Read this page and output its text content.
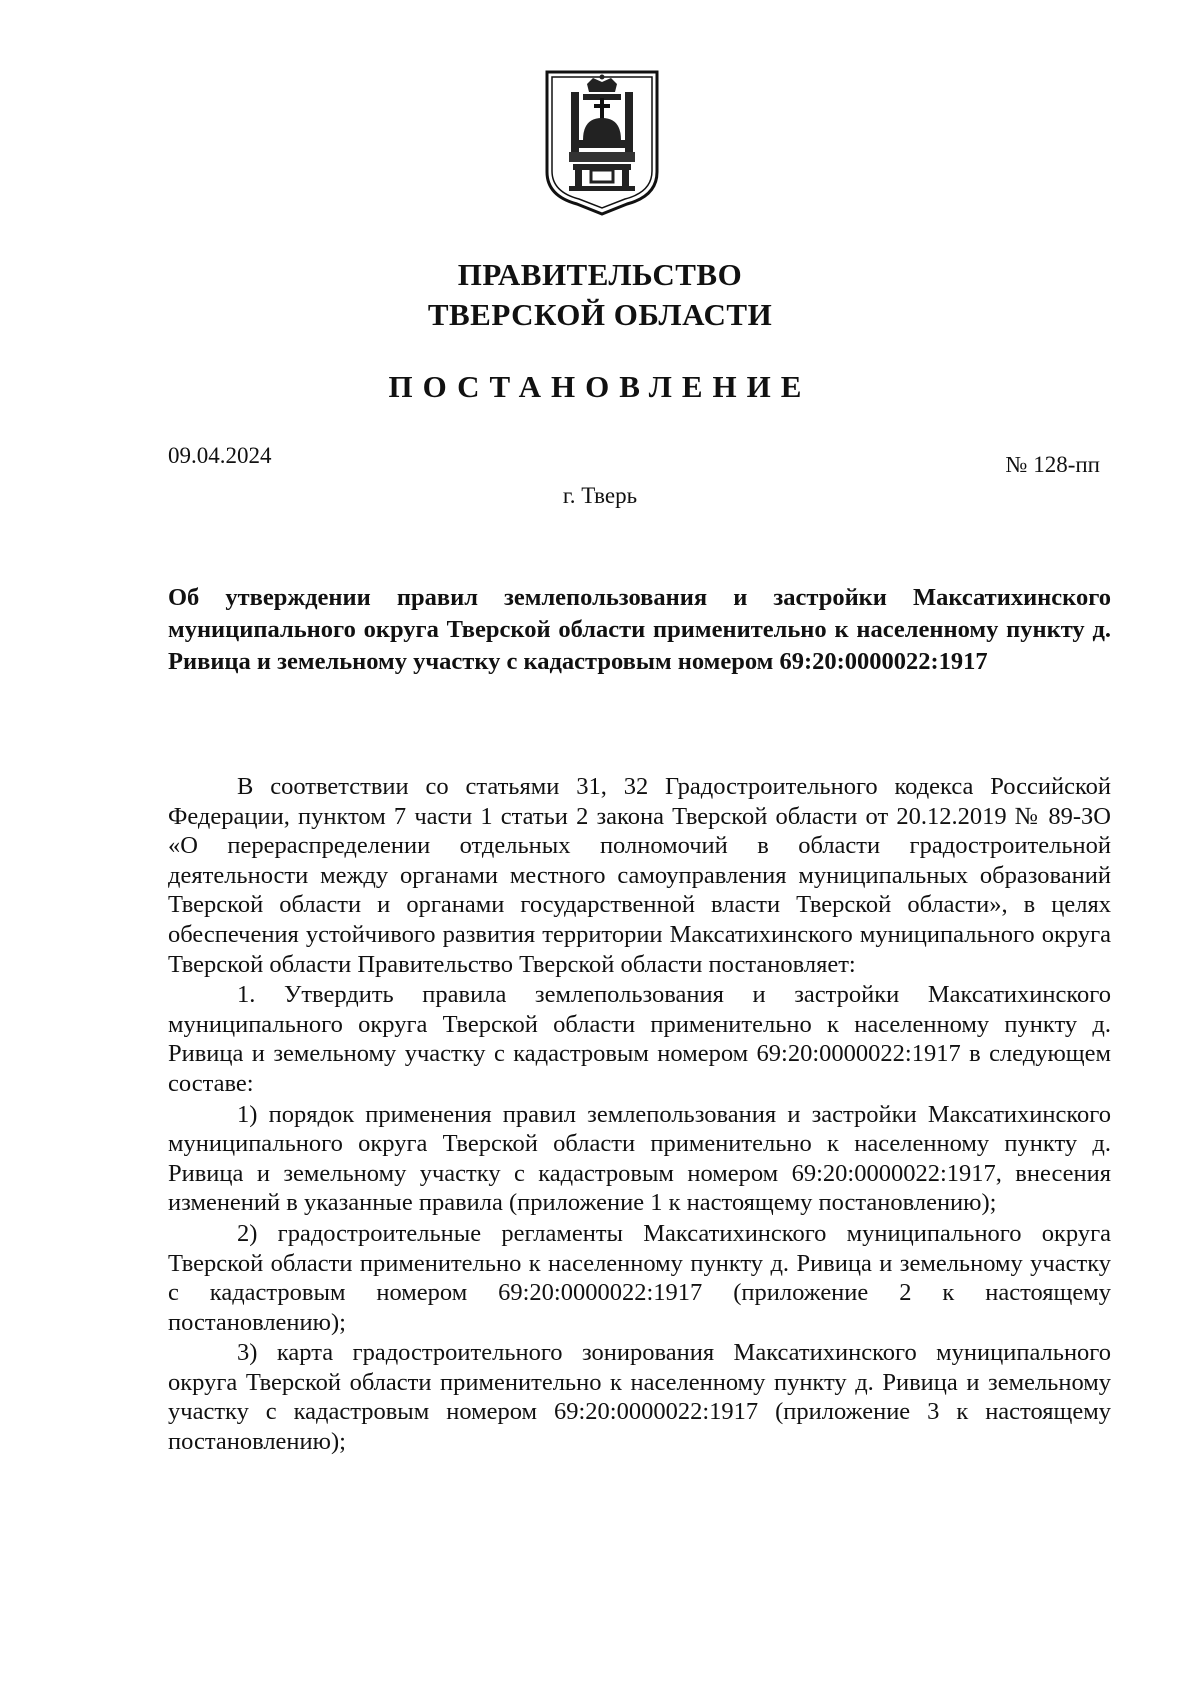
ПРАВИТЕЛЬСТВО
ТВЕРСКОЙ ОБЛАСТИ
ПОСТАНОВЛЕНИЕ
09.04.2024	№ 128-пп
г. Тверь
Об утверждении правил землепользования и застройки Максатихинского муниципального округа Тверской области применительно к населенному пункту д. Ривица и земельному участку с кадастровым номером 69:20:0000022:1917

В соответствии со статьями 31, 32 Градостроительного кодекса Российской Федерации, пунктом 7 части 1 статьи 2 закона Тверской области от 20.12.2019 № 89-ЗО «О перераспределении отдельных полномочий в области градостроительной деятельности между органами местного самоуправления муниципальных образований Тверской области и органами государственной власти Тверской области», в целях обеспечения устойчивого развития территории Максатихинского муниципального округа Тверской области Правительство Тверской области постановляет:

1. Утвердить правила землепользования и застройки Максатихинского муниципального округа Тверской области применительно к населенному пункту д. Ривица и земельному участку с кадастровым номером 69:20:0000022:1917 в следующем составе:

1) порядок применения правил землепользования и застройки Максатихинского муниципального округа Тверской области применительно к населенному пункту д. Ривица и земельному участку с кадастровым номером 69:20:0000022:1917, внесения изменений в указанные правила (приложение 1 к настоящему постановлению);

2) градостроительные регламенты Максатихинского муниципального округа Тверской области применительно к населенному пункту д. Ривица и земельному участку с кадастровым номером 69:20:0000022:1917 (приложение 2 к настоящему постановлению);

3) карта градостроительного зонирования Максатихинского муниципального округа Тверской области применительно к населенному пункту д. Ривица и земельному участку с кадастровым номером 69:20:0000022:1917 (приложение 3 к настоящему постановлению);
